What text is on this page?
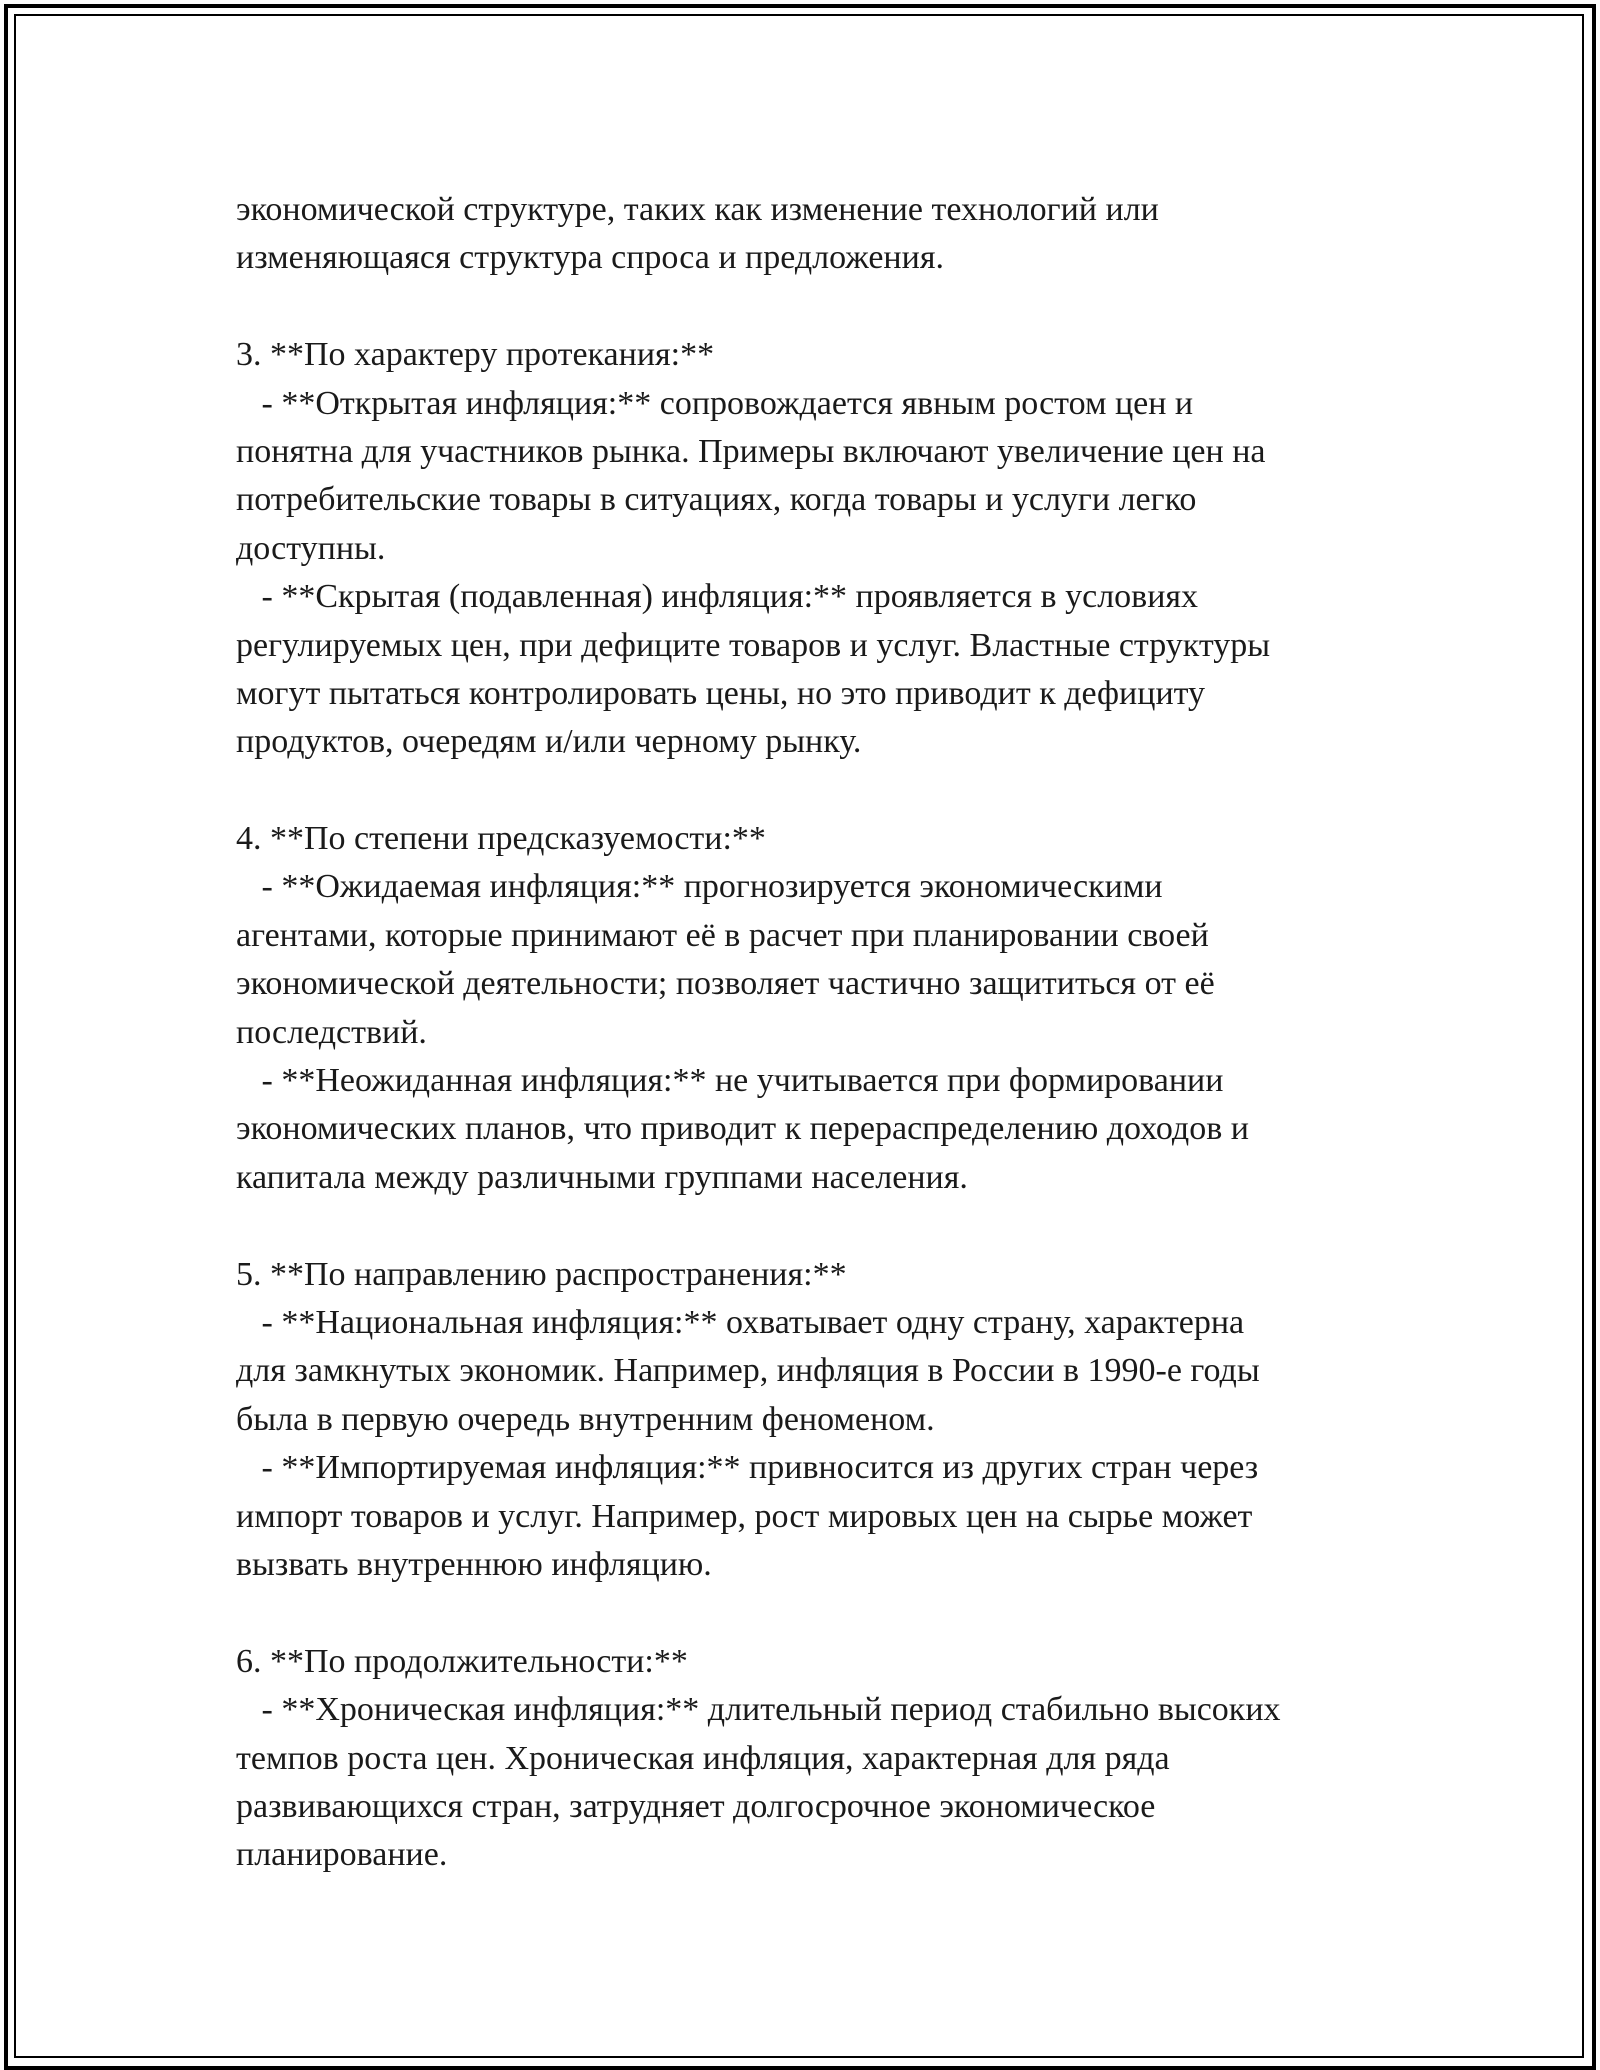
экономической структуре, таких как изменение технологий или
изменяющаяся структура спроса и предложения.
3. **По характеру протекания:**
- **Открытая инфляция:** сопровождается явным ростом цен и
понятна для участников рынка. Примеры включают увеличение цен на
потребительские товары в ситуациях, когда товары и услуги легко
доступны.
- **Скрытая (подавленная) инфляция:** проявляется в условиях
регулируемых цен, при дефиците товаров и услуг. Властные структуры
могут пытаться контролировать цены, но это приводит к дефициту
продуктов, очередям и/или черному рынку.
4. **По степени предсказуемости:**
- **Ожидаемая инфляция:** прогнозируется экономическими
агентами, которые принимают её в расчет при планировании своей
экономической деятельности; позволяет частично защититься от её
последствий.
- **Неожиданная инфляция:** не учитывается при формировании
экономических планов, что приводит к перераспределению доходов и
капитала между различными группами населения.
5. **По направлению распространения:**
- **Национальная инфляция:** охватывает одну страну, характерна
для замкнутых экономик. Например, инфляция в России в 1990-е годы
была в первую очередь внутренним феноменом.
- **Импортируемая инфляция:** привносится из других стран через
импорт товаров и услуг. Например, рост мировых цен на сырье может
вызвать внутреннюю инфляцию.
6. **По продолжительности:**
- **Хроническая инфляция:** длительный период стабильно высоких
темпов роста цен. Хроническая инфляция, характерная для ряда
развивающихся стран, затрудняет долгосрочное экономическое
планирование.
